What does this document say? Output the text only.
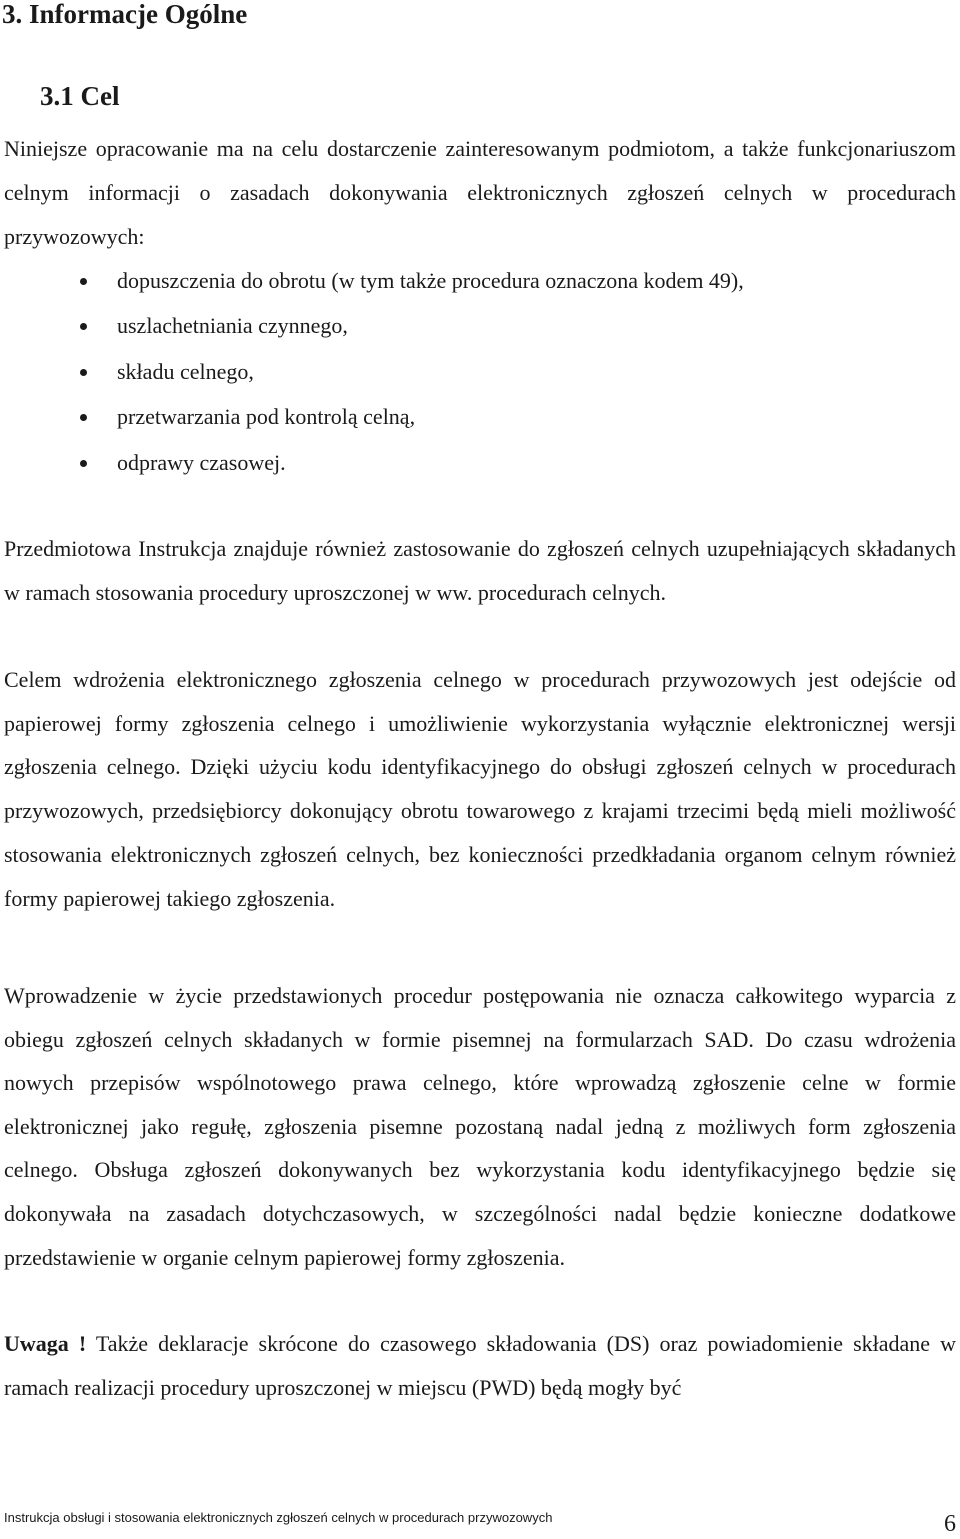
3. Informacje Ogólne
3.1 Cel
Niniejsze opracowanie ma na celu dostarczenie zainteresowanym podmiotom, a także funkcjonariuszom celnym informacji o zasadach dokonywania elektronicznych zgłoszeń celnych w procedurach przywozowych:
dopuszczenia do obrotu (w tym także procedura oznaczona kodem 49),
uszlachetniania czynnego,
składu celnego,
przetwarzania pod kontrolą celną,
odprawy czasowej.
Przedmiotowa Instrukcja znajduje również zastosowanie do zgłoszeń celnych uzupełniających składanych w ramach stosowania procedury uproszczonej w ww. procedurach celnych.
Celem wdrożenia elektronicznego zgłoszenia celnego w procedurach przywozowych jest odejście od papierowej formy zgłoszenia celnego i umożliwienie wykorzystania wyłącznie elektronicznej wersji zgłoszenia celnego. Dzięki użyciu kodu identyfikacyjnego do obsługi zgłoszeń celnych w procedurach przywozowych, przedsiębiorcy dokonujący obrotu towarowego z krajami trzecimi będą mieli możliwość stosowania elektronicznych zgłoszeń celnych, bez konieczności przedkładania organom celnym również formy papierowej takiego zgłoszenia.
Wprowadzenie w życie przedstawionych procedur postępowania nie oznacza całkowitego wyparcia z obiegu zgłoszeń celnych składanych w formie pisemnej na formularzach SAD. Do czasu wdrożenia nowych przepisów wspólnotowego prawa celnego, które wprowadzą zgłoszenie celne w formie elektronicznej jako regułę, zgłoszenia pisemne pozostaną nadal jedną z możliwych form zgłoszenia celnego. Obsługa zgłoszeń dokonywanych bez wykorzystania kodu identyfikacyjnego będzie się dokonywała na zasadach dotychczasowych, w szczególności nadal będzie konieczne dodatkowe przedstawienie w organie celnym papierowej formy zgłoszenia.
Uwaga ! Także deklaracje skrócone do czasowego składowania (DS) oraz powiadomienie składane w ramach realizacji procedury uproszczonej w miejscu (PWD) będą mogły być
Instrukcja obsługi i stosowania elektronicznych zgłoszeń celnych w procedurach przywozowych	6
